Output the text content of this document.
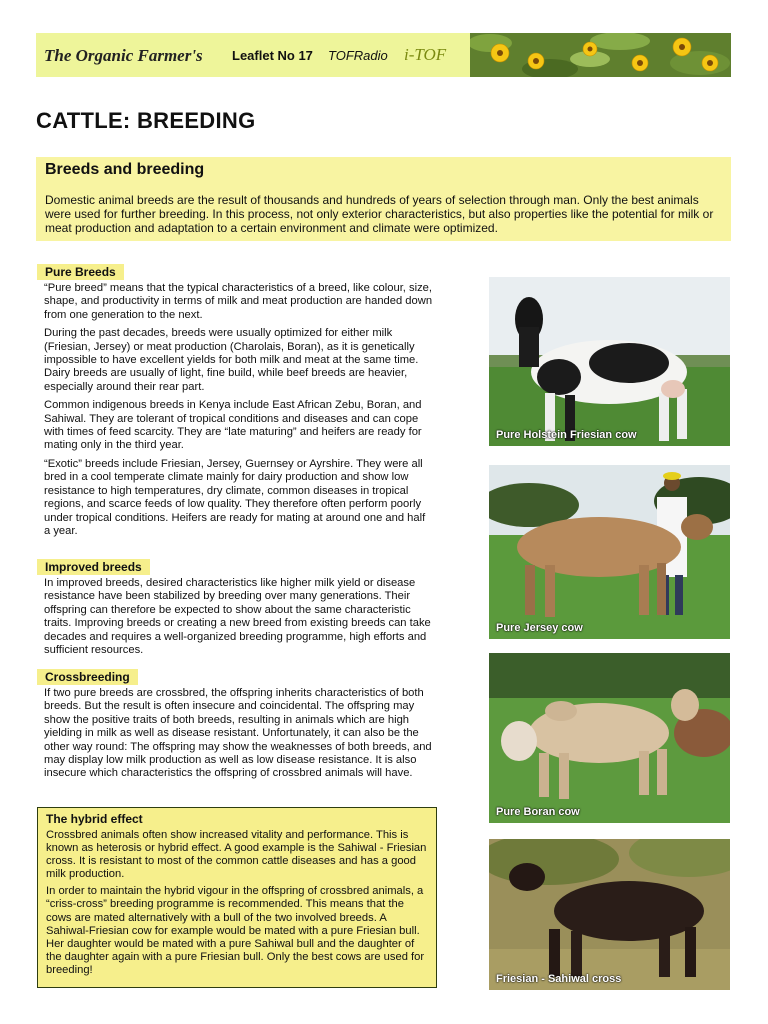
The Organic Farmer's Leaflet No 17 TOFRadio i-TOF
CATTLE: BREEDING
Breeds and breeding
Domestic animal breeds are the result of thousands and hundreds of years of selection through man. Only the best animals were used for further breeding. In this process, not only exterior characteristics, but also properties like the potential for milk or meat production and adaptation to a certain environment and climate were optimized.
Pure Breeds

“Pure breed” means that the typical characteristics of a breed, like colour, size, shape, and productivity in terms of milk and meat production are handed down from one generation to the next.

During the past decades, breeds were usually optimized for either milk (Friesian, Jersey) or meat production (Charolais, Boran), as it is genetically impossible to have excellent yields for both milk and meat at the same time. Dairy breeds are usually of light, fine build, while beef breeds are heavier, especially around their rear part.

Common indigenous breeds in Kenya include East African Zebu, Boran, and Sahiwal. They are tolerant of tropical conditions and diseases and can cope with times of feed scarcity. They are “late maturing” and heifers are ready for mating only in the third year.

“Exotic” breeds include Friesian, Jersey, Guernsey or Ayrshire. They were all bred in a cool temperate climate mainly for dairy production and show low resistance to high temperatures, dry climate, common diseases in tropical regions, and scarce feeds of low quality. They therefore often perform poorly under tropical conditions. Heifers are ready for mating at around one and half a year.

Improved breeds

In improved breeds, desired characteristics like higher milk yield or disease resistance have been stabilized by breeding over many generations. Their offspring can therefore be expected to show about the same characteristic traits. Improving breeds or creating a new breed from existing breeds can take decades and requires a well-organized breeding programme, high efforts and sufficient resources.

Crossbreeding

If two pure breeds are crossbred, the offspring inherits characteristics of both breeds. But the result is often insecure and coincidental. The offspring may show the positive traits of both breeds, resulting in animals which are high yielding in milk as well as disease resistant. Unfortunately, it can also be the other way round: The offspring may show the weaknesses of both breeds, and may display low milk production as well as low disease resistance. It is also insecure which characteristics the offspring of crossbred animals will have.

The hybrid effect

Crossbred animals often show increased vitality and performance. This is known as heterosis or hybrid effect. A good example is the Sahiwal - Friesian cross. It is resistant to most of the common cattle diseases and has a good milk production.

In order to maintain the hybrid vigour in the offspring of crossbred animals, a “criss-cross” breeding programme is recommended. This means that the cows are mated alternatively with a bull of the two involved breeds. A Sahiwal-Friesian cow for example would be mated with a pure Friesian bull. Her daughter would be mated with a pure Sahiwal bull and the daughter of the daughter again with a pure Friesian bull. Only the best cows are used for breeding!

Pure Holstein Friesian cow
Pure Jersey cow
Pure Boran cow
Friesian - Sahiwal cross
